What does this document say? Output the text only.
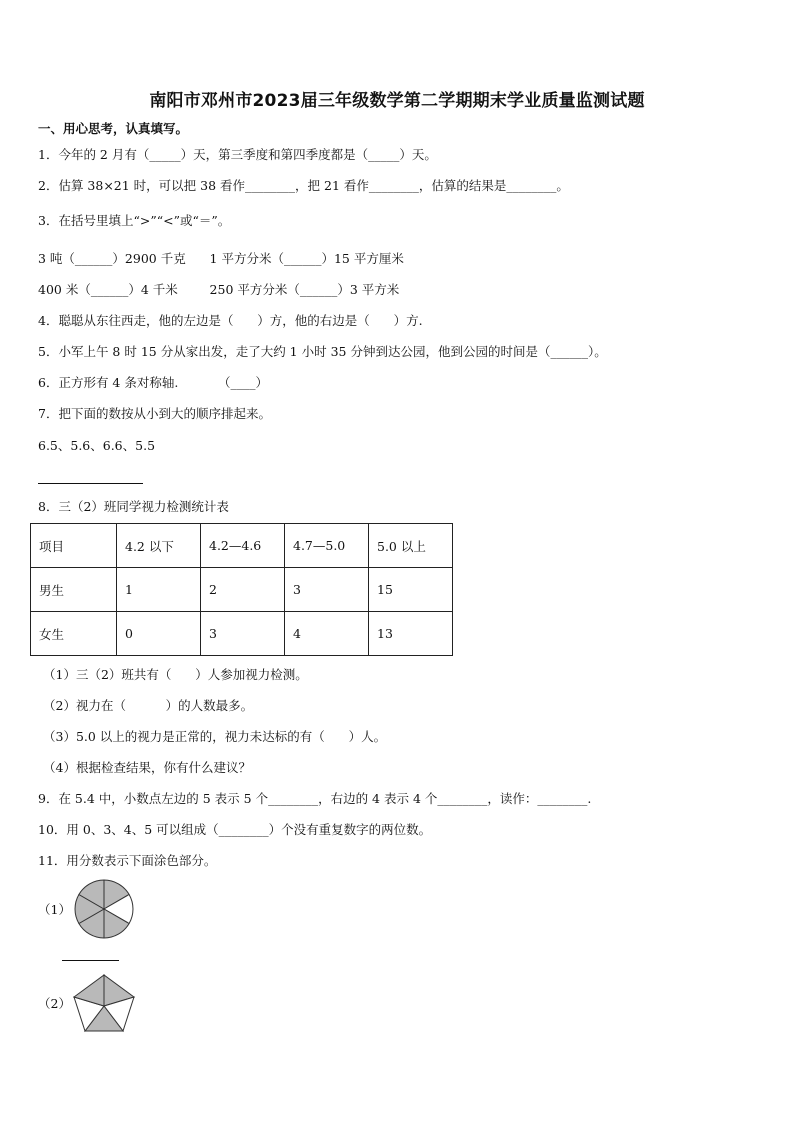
南阳市邓州市2023届三年级数学第二学期期末学业质量监测试题
一、用心思考，认真填写。
1．今年的 2 月有（_____）天，第三季度和第四季度都是（_____）天。
2．估算 38×21 时，可以把 38 看作________，把 21 看作________，估算的结果是________。
3．在括号里填上“>”“<”或“＝”。
3 吨（______）2900 千克      1 平方分米（______）15 平方厘米
400 米（______）4 千米        250 平方分米（______）3 平方米
4．聪聪从东往西走，他的左边是（      ）方，他的右边是（      ）方.
5．小军上午 8 时 15 分从家出发，走了大约 1 小时 35 分钟到达公园，他到公园的时间是（______）。
6．正方形有 4 条对称轴.          （____）
7．把下面的数按从小到大的顺序排起来。
6.5、5.6、6.6、5.5
8．三（2）班同学视力检测统计表
项目	4.2 以下	4.2—4.6	4.7—5.0	5.0 以上
男生	1	2	3	15
女生	0	3	4	13
（1）三（2）班共有（      ）人参加视力检测。
（2）视力在（          ）的人数最多。
（3）5.0 以上的视力是正常的，视力未达标的有（      ）人。
（4）根据检查结果，你有什么建议？
9．在 5.4 中，小数点左边的 5 表示 5 个________，右边的 4 表示 4 个________，读作：________.
10．用 0、3、4、5 可以组成（________）个没有重复数字的两位数。
11．用分数表示下面涂色部分。
（1）
（2）
